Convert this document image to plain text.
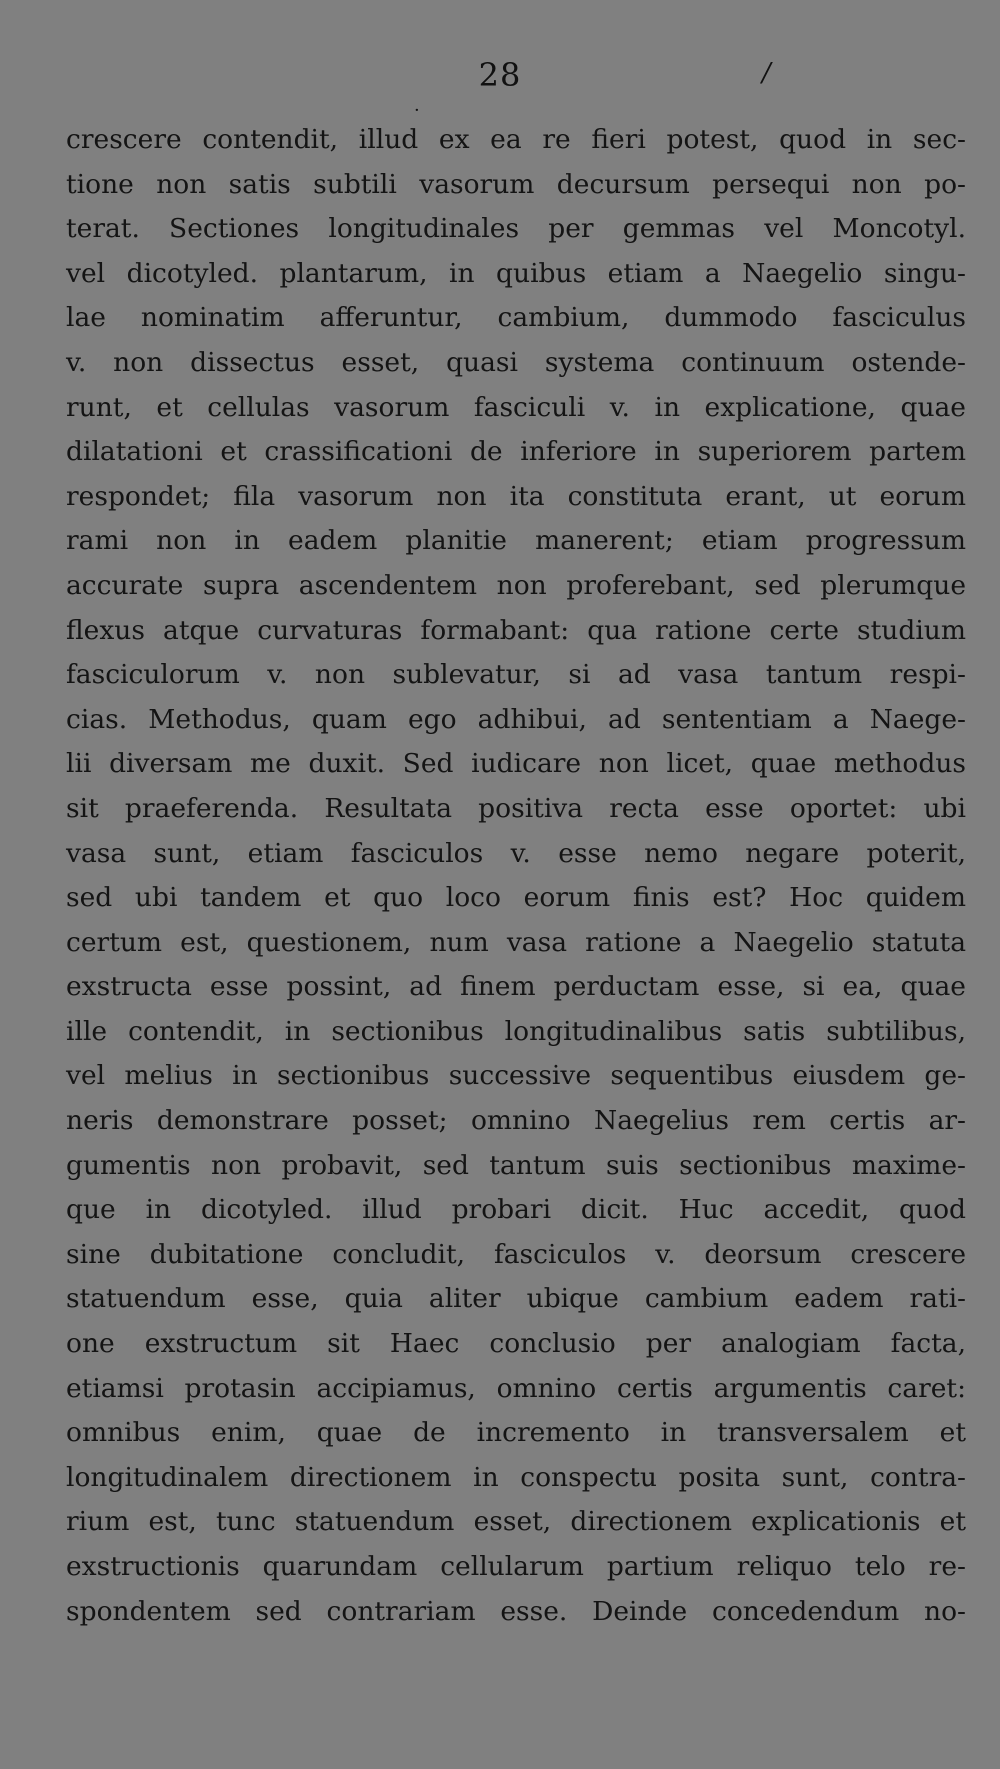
28	/
·
crescere contendit, illud ex ea re fieri potest, quod in sec-
tione non satis subtili vasorum decursum persequi non po-
terat. Sectiones longitudinales per gemmas vel Moncotyl.
vel dicotyled. plantarum, in quibus etiam a Naegelio singu-
lae nominatim afferuntur, cambium, dummodo fasciculus
v. non dissectus esset, quasi systema continuum ostende-
runt, et cellulas vasorum fasciculi v. in explicatione, quae
dilatationi et crassificationi de inferiore in superiorem partem
respondet; fila vasorum non ita constituta erant, ut eorum
rami non in eadem planitie manerent; etiam progressum
accurate supra ascendentem non proferebant, sed plerumque
flexus atque curvaturas formabant: qua ratione certe studium
fasciculorum v. non sublevatur, si ad vasa tantum respi-
cias. Methodus, quam ego adhibui, ad sententiam a Naege-
lii diversam me duxit. Sed iudicare non licet, quae methodus
sit praeferenda. Resultata positiva recta esse oportet: ubi
vasa sunt, etiam fasciculos v. esse nemo negare poterit,
sed ubi tandem et quo loco eorum finis est? Hoc quidem
certum est, questionem, num vasa ratione a Naegelio statuta
exstructa esse possint, ad finem perductam esse, si ea, quae
ille contendit, in sectionibus longitudinalibus satis subtilibus,
vel melius in sectionibus successive sequentibus eiusdem ge-
neris demonstrare posset; omnino Naegelius rem certis ar-
gumentis non probavit, sed tantum suis sectionibus maxime-
que in dicotyled. illud probari dicit. Huc accedit, quod
sine dubitatione concludit, fasciculos v. deorsum crescere
statuendum esse, quia aliter ubique cambium eadem rati-
one exstructum sit Haec conclusio per analogiam facta,
etiamsi protasin accipiamus, omnino certis argumentis caret:
omnibus enim, quae de incremento in transversalem et
longitudinalem directionem in conspectu posita sunt, contra-
rium est, tunc statuendum esset, directionem explicationis et
exstructionis quarundam cellularum partium reliquo telo re-
spondentem sed contrariam esse. Deinde concedendum no-
